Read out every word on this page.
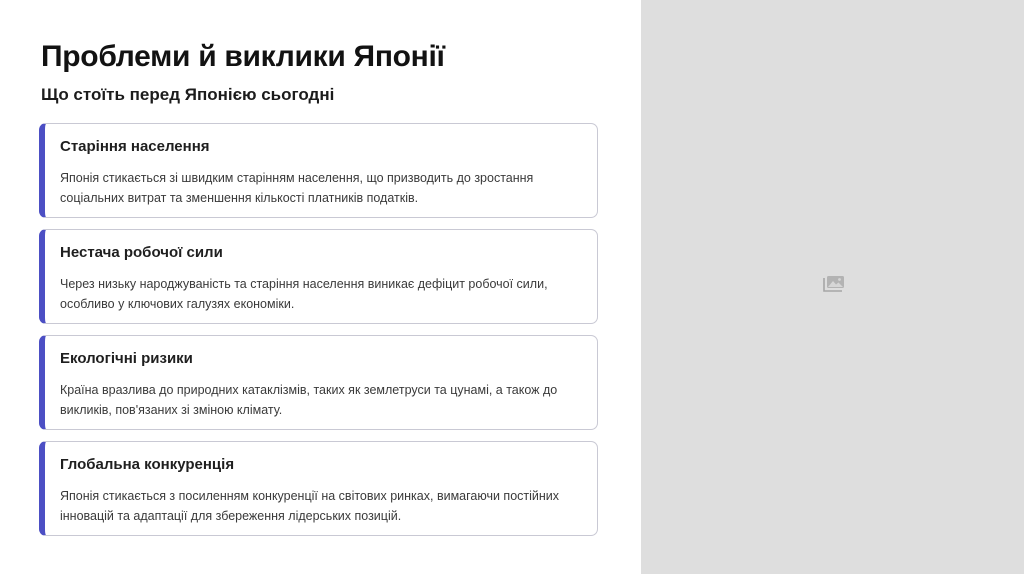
Проблеми й виклики Японії
Що стоїть перед Японією сьогодні

Старіння населення

Японія стикається зі швидким старінням населення, що призводить до зростання соціальних витрат та зменшення кількості платників податків.

Нестача робочої сили

Через низьку народжуваність та старіння населення виникає дефіцит робочої сили, особливо у ключових галузях економіки.

Екологічні ризики

Країна вразлива до природних катаклізмів, таких як землетруси та цунамі, а також до викликів, пов'язаних зі зміною клімату.

Глобальна конкуренція

Японія стикається з посиленням конкуренції на світових ринках, вимагаючи постійних інновацій та адаптації для збереження лідерських позицій.
